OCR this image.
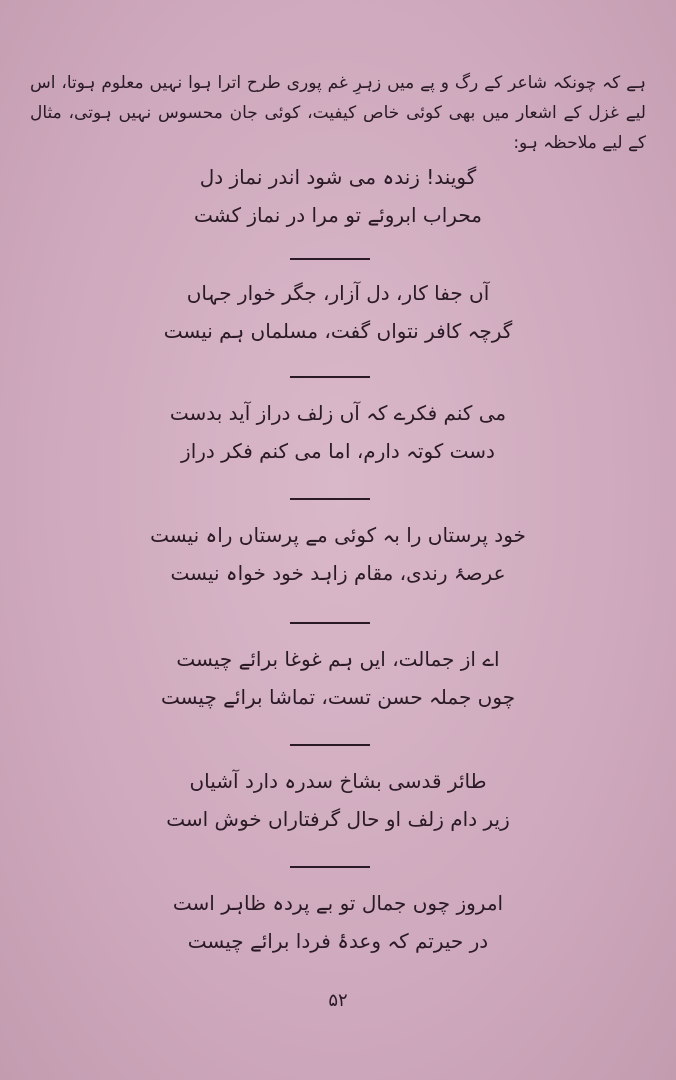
ہے کہ چونکہ شاعر کے رگ و پے میں زہرِ غم پوری طرح اترا ہوا نہیں معلوم ہوتا، اس لیے غزل کے اشعار میں بھی کوئی خاص کیفیت، کوئی جان محسوس نہیں ہوتی، مثال کے لیے ملاحظہ ہو:
گویند! زندہ می شود اندر نماز دل
محراب ابروئے تو مرا در نماز کشت
آں جفا کار، دل آزار، جگر خوار جہاں
گرچہ کافر نتواں گفت، مسلماں ہم نیست
می کنم فکرے کہ آں زلف دراز آید بدست
دست کوتہ دارم، اما می کنم فکر دراز
خود پرستاں را بہ کوئی مے پرستاں راہ نیست
عرصۂ رندی، مقام زاہد خود خواہ نیست
اے از جمالت، ایں ہم غوغا برائے چیست
چوں جملہ حسن تست، تماشا برائے چیست
طائر قدسی بشاخ سدرہ دارد آشیاں
زیر دام زلف او حال گرفتاراں خوش است
امروز چوں جمال تو بے پردہ ظاہر است
در حیرتم کہ وعدۂ فردا برائے چیست
۵۲
